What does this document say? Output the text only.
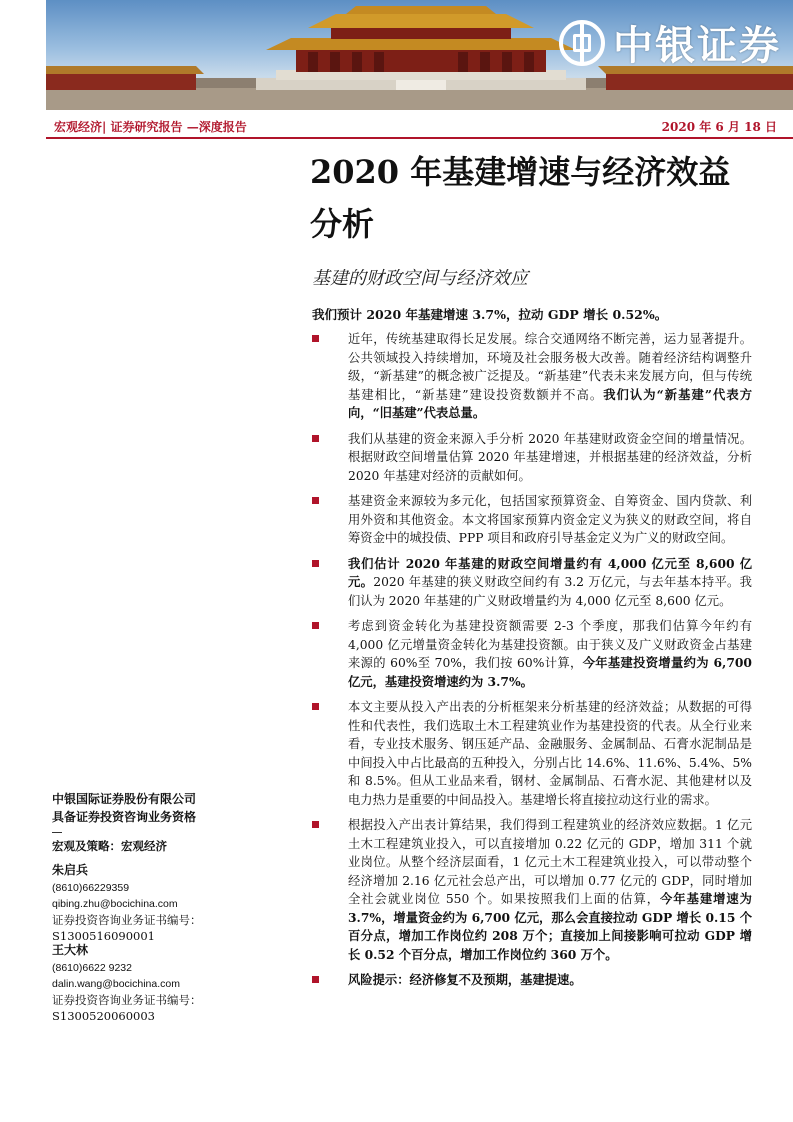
中银证券
宏观经济| 证券研究报告 —深度报告	2020 年 6 月 18 日
2020 年基建增速与经济效益分析
基建的财政空间与经济效应
我们预计 2020 年基建增速 3.7%，拉动 GDP 增长 0.52%。
近年，传统基建取得长足发展。综合交通网络不断完善，运力显著提升。公共领域投入持续增加，环境及社会服务极大改善。随着经济结构调整升级，“新基建”的概念被广泛提及。“新基建”代表未来发展方向，但与传统基建相比，“新基建”建设投资数额并不高。我们认为“新基建”代表方向，“旧基建”代表总量。
我们从基建的资金来源入手分析 2020 年基建财政资金空间的增量情况。根据财政空间增量估算 2020 年基建增速，并根据基建的经济效益，分析 2020 年基建对经济的贡献如何。
基建资金来源较为多元化，包括国家预算资金、自筹资金、国内贷款、利用外资和其他资金。本文将国家预算内资金定义为狭义的财政空间，将自筹资金中的城投债、PPP 项目和政府引导基金定义为广义的财政空间。
我们估计 2020 年基建的财政空间增量约有 4,000 亿元至 8,600 亿元。2020 年基建的狭义财政空间约有 3.2 万亿元，与去年基本持平。我们认为 2020 年基建的广义财政增量约为 4,000 亿元至 8,600 亿元。
考虑到资金转化为基建投资额需要 2-3 个季度，那我们估算今年约有 4,000 亿元增量资金转化为基建投资额。由于狭义及广义财政资金占基建来源的 60%至 70%，我们按 60%计算，今年基建投资增量约为 6,700 亿元，基建投资增速约为 3.7%。
本文主要从投入产出表的分析框架来分析基建的经济效益；从数据的可得性和代表性，我们选取土木工程建筑业作为基建投资的代表。从全行业来看，专业技术服务、钢压延产品、金融服务、金属制品、石膏水泥制品是中间投入中占比最高的五种投入，分别占比 14.6%、11.6%、5.4%、5%和 8.5%。但从工业品来看，钢材、金属制品、石膏水泥、其他建材以及电力热力是重要的中间品投入。基建增长将直接拉动这行业的需求。
根据投入产出表计算结果，我们得到工程建筑业的经济效应数据。1 亿元土木工程建筑业投入，可以直接增加 0.22 亿元的 GDP，增加 311 个就业岗位。从整个经济层面看，1 亿元土木工程建筑业投入，可以带动整个经济增加 2.16 亿元社会总产出，可以增加 0.77 亿元的 GDP，同时增加全社会就业岗位 550 个。如果按照我们上面的估算，今年基建增速为 3.7%，增量资金约为 6,700 亿元，那么会直接拉动 GDP 增长 0.15 个百分点，增加工作岗位约 208 万个；直接加上间接影响可拉动 GDP 增长 0.52 个百分点，增加工作岗位约 360 万个。
风险提示：经济修复不及预期，基建提速。
中银国际证券股份有限公司
具备证券投资咨询业务资格
宏观及策略：宏观经济
朱启兵
(8610)66229359
qibing.zhu@bocichina.com
证券投资咨询业务证书编号：S1300516090001
王大林
(8610)6622 9232
dalin.wang@bocichina.com
证券投资咨询业务证书编号：S1300520060003
